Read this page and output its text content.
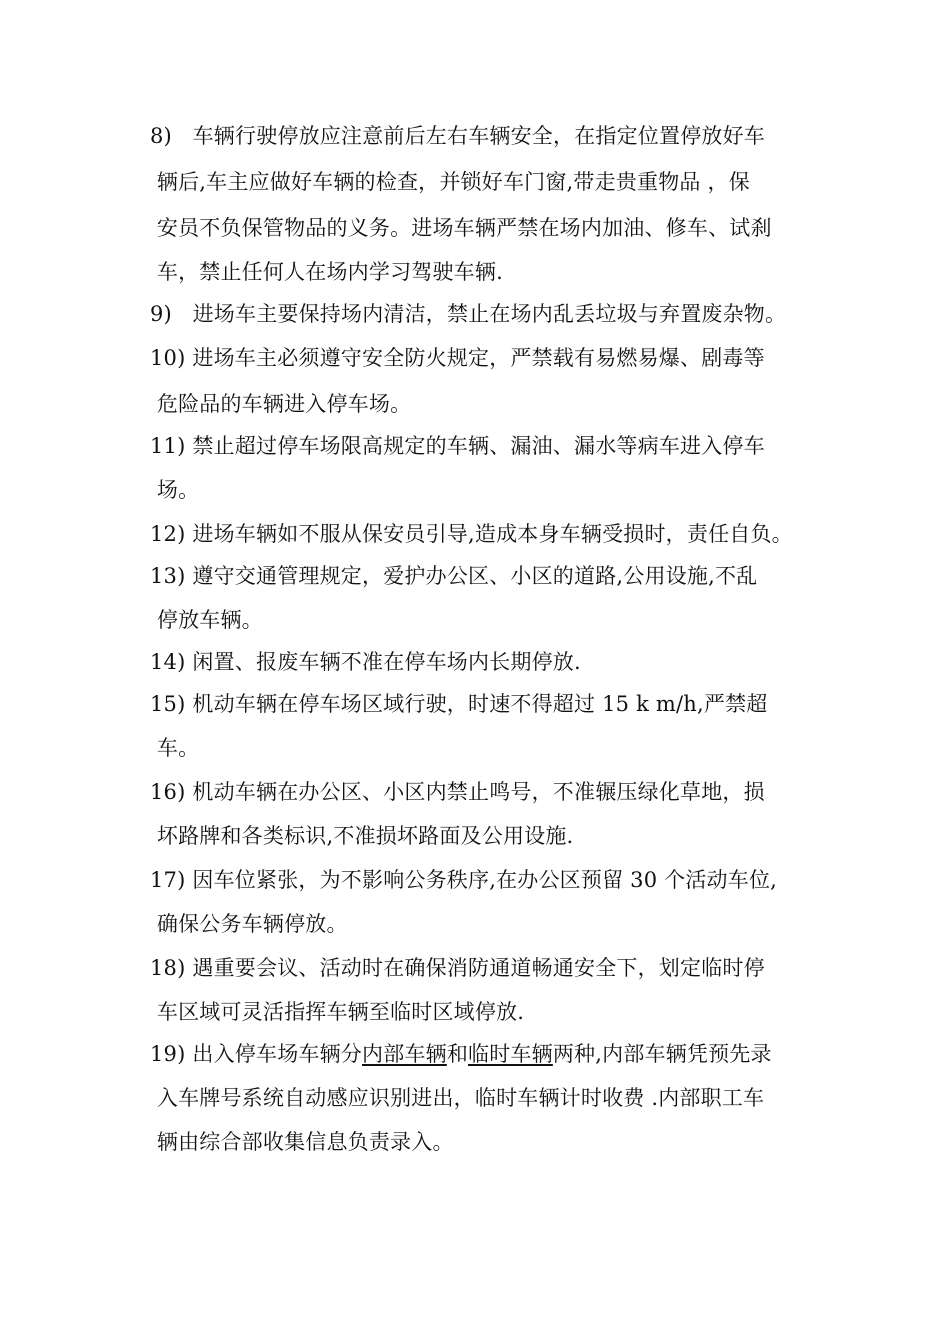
8) 车辆行驶停放应注意前后左右车辆安全，在指定位置停放好车
辆后,车主应做好车辆的检查，并锁好车门窗,带走贵重物品 ，保
安员不负保管物品的义务。进场车辆严禁在场内加油、修车、试刹
车，禁止任何人在场内学习驾驶车辆.
9) 进场车主要保持场内清洁，禁止在场内乱丢垃圾与弃置废杂物。
10) 进场车主必须遵守安全防火规定，严禁载有易燃易爆、剧毒等
危险品的车辆进入停车场。
11) 禁止超过停车场限高规定的车辆、漏油、漏水等病车进入停车
场。
12) 进场车辆如不服从保安员引导,造成本身车辆受损时，责任自负。
13) 遵守交通管理规定，爱护办公区、小区的道路,公用设施,不乱
停放车辆。
14) 闲置、报废车辆不准在停车场内长期停放.
15) 机动车辆在停车场区域行驶，时速不得超过 15 k m/h,严禁超
车。
16) 机动车辆在办公区、小区内禁止鸣号，不准辗压绿化草地，损
坏路牌和各类标识,不准损坏路面及公用设施.
17) 因车位紧张，为不影响公务秩序,在办公区预留 30 个活动车位,
确保公务车辆停放。
18) 遇重要会议、活动时在确保消防通道畅通安全下，划定临时停
车区域可灵活指挥车辆至临时区域停放.
19) 出入停车场车辆分内部车辆和临时车辆两种,内部车辆凭预先录
入车牌号系统自动感应识别进出，临时车辆计时收费 .内部职工车
辆由综合部收集信息负责录入。
